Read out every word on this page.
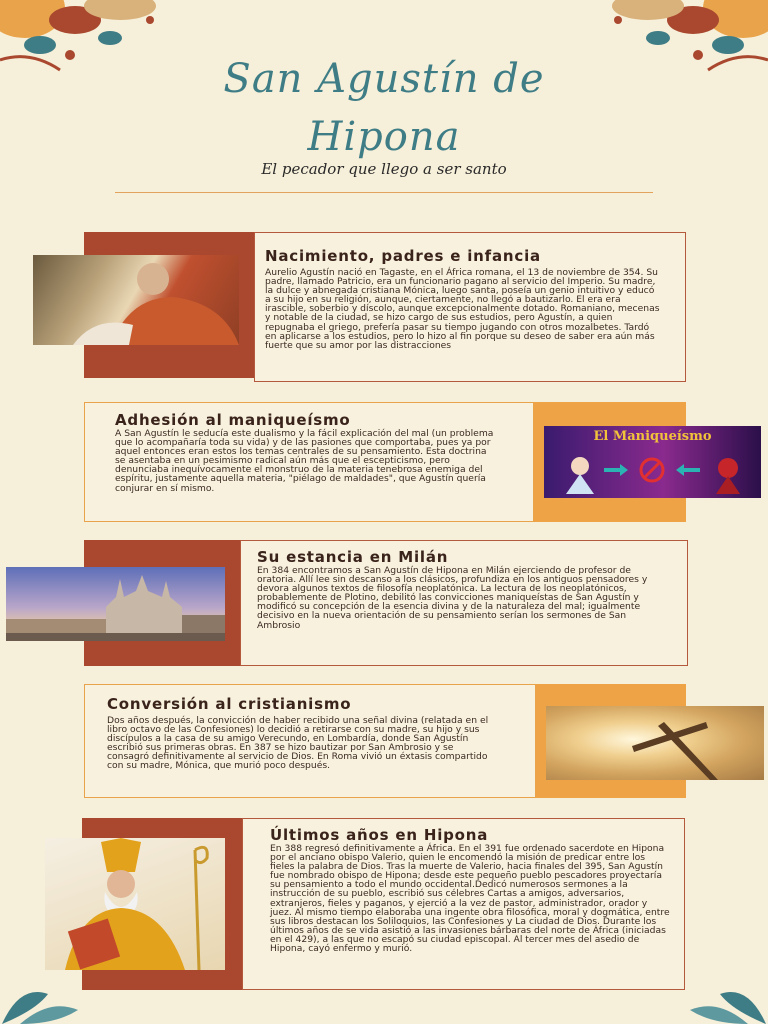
San Agustín de
Hipona
El pecador que llego a ser santo
Nacimiento, padres e infancia

Aurelio Agustín nació en Tagaste, en el África romana, el 13 de noviembre de 354. Su padre, llamado Patricio, era un funcionario pagano al servicio del Imperio. Su madre, la dulce y abnegada cristiana Mónica, luego santa, poseía un genio intuitivo y educó a su hijo en su religión, aunque, ciertamente, no llegó a bautizarlo. El era era irascible, soberbio y díscolo, aunque excepcionalmente dotado. Romaniano, mecenas y notable de la ciudad, se hizo cargo de sus estudios, pero Agustín, a quien repugnaba el griego, prefería pasar su tiempo jugando con otros mozalbetes. Tardó en aplicarse a los estudios, pero lo hizo al fin porque su deseo de saber era aún más fuerte que su amor por las distracciones

Adhesión al maniqueísmo

A San Agustín le seducía este dualismo y la fácil explicación del mal (un problema que lo acompañaría toda su vida) y de las pasiones que comportaba, pues ya por aquel entonces eran estos los temas centrales de su pensamiento. Esta doctrina se asentaba en un pesimismo radical aún más que el escepticismo, pero denunciaba inequívocamente el monstruo de la materia tenebrosa enemiga del espíritu, justamente aquella materia, "piélago de maldades", que Agustín quería conjurar en sí mismo.

El Maniqueísmo
Su estancia en Milán

En 384 encontramos a San Agustín de Hipona en Milán ejerciendo de profesor de oratoria. Allí lee sin descanso a los clásicos, profundiza en los antiguos pensadores y devora algunos textos de filosofía neoplatónica. La lectura de los neoplatónicos, probablemente de Plotino, debilitó las convicciones maniqueístas de San Agustín y modificó su concepción de la esencia divina y de la naturaleza del mal; igualmente decisivo en la nueva orientación de su pensamiento serían los sermones de San Ambrosio

Conversión al cristianismo

Dos años después, la convicción de haber recibido una señal divina (relatada en el libro octavo de las Confesiones) lo decidió a retirarse con su madre, su hijo y sus discípulos a la casa de su amigo Verecundo, en Lombardía, donde San Agustín escribió sus primeras obras. En 387 se hizo bautizar por San Ambrosio y se consagró definitivamente al servicio de Dios. En Roma vivió un éxtasis compartido con su madre, Mónica, que murió poco después.

Últimos años en Hipona

En 388 regresó definitivamente a África. En el 391 fue ordenado sacerdote en Hipona por el anciano obispo Valerio, quien le encomendó la misión de predicar entre los fieles la palabra de Dios. Tras la muerte de Valerio, hacia finales del 395, San Agustín fue nombrado obispo de Hipona; desde este pequeño pueblo pescadores proyectaría su pensamiento a todo el mundo occidental.Dedicó numerosos sermones a la instrucción de su pueblo, escribió sus célebres Cartas a amigos, adversarios, extranjeros, fieles y paganos, y ejerció a la vez de pastor, administrador, orador y juez. Al mismo tiempo elaboraba una ingente obra filosófica, moral y dogmática, entre sus libros destacan los Soliloquios, las Confesiones y La ciudad de Dios. Durante los últimos años de se vida asistió a las invasiones bárbaras del norte de África (iniciadas en el 429), a las que no escapó su ciudad episcopal. Al tercer mes del asedio de Hipona, cayó enfermo y murió.
